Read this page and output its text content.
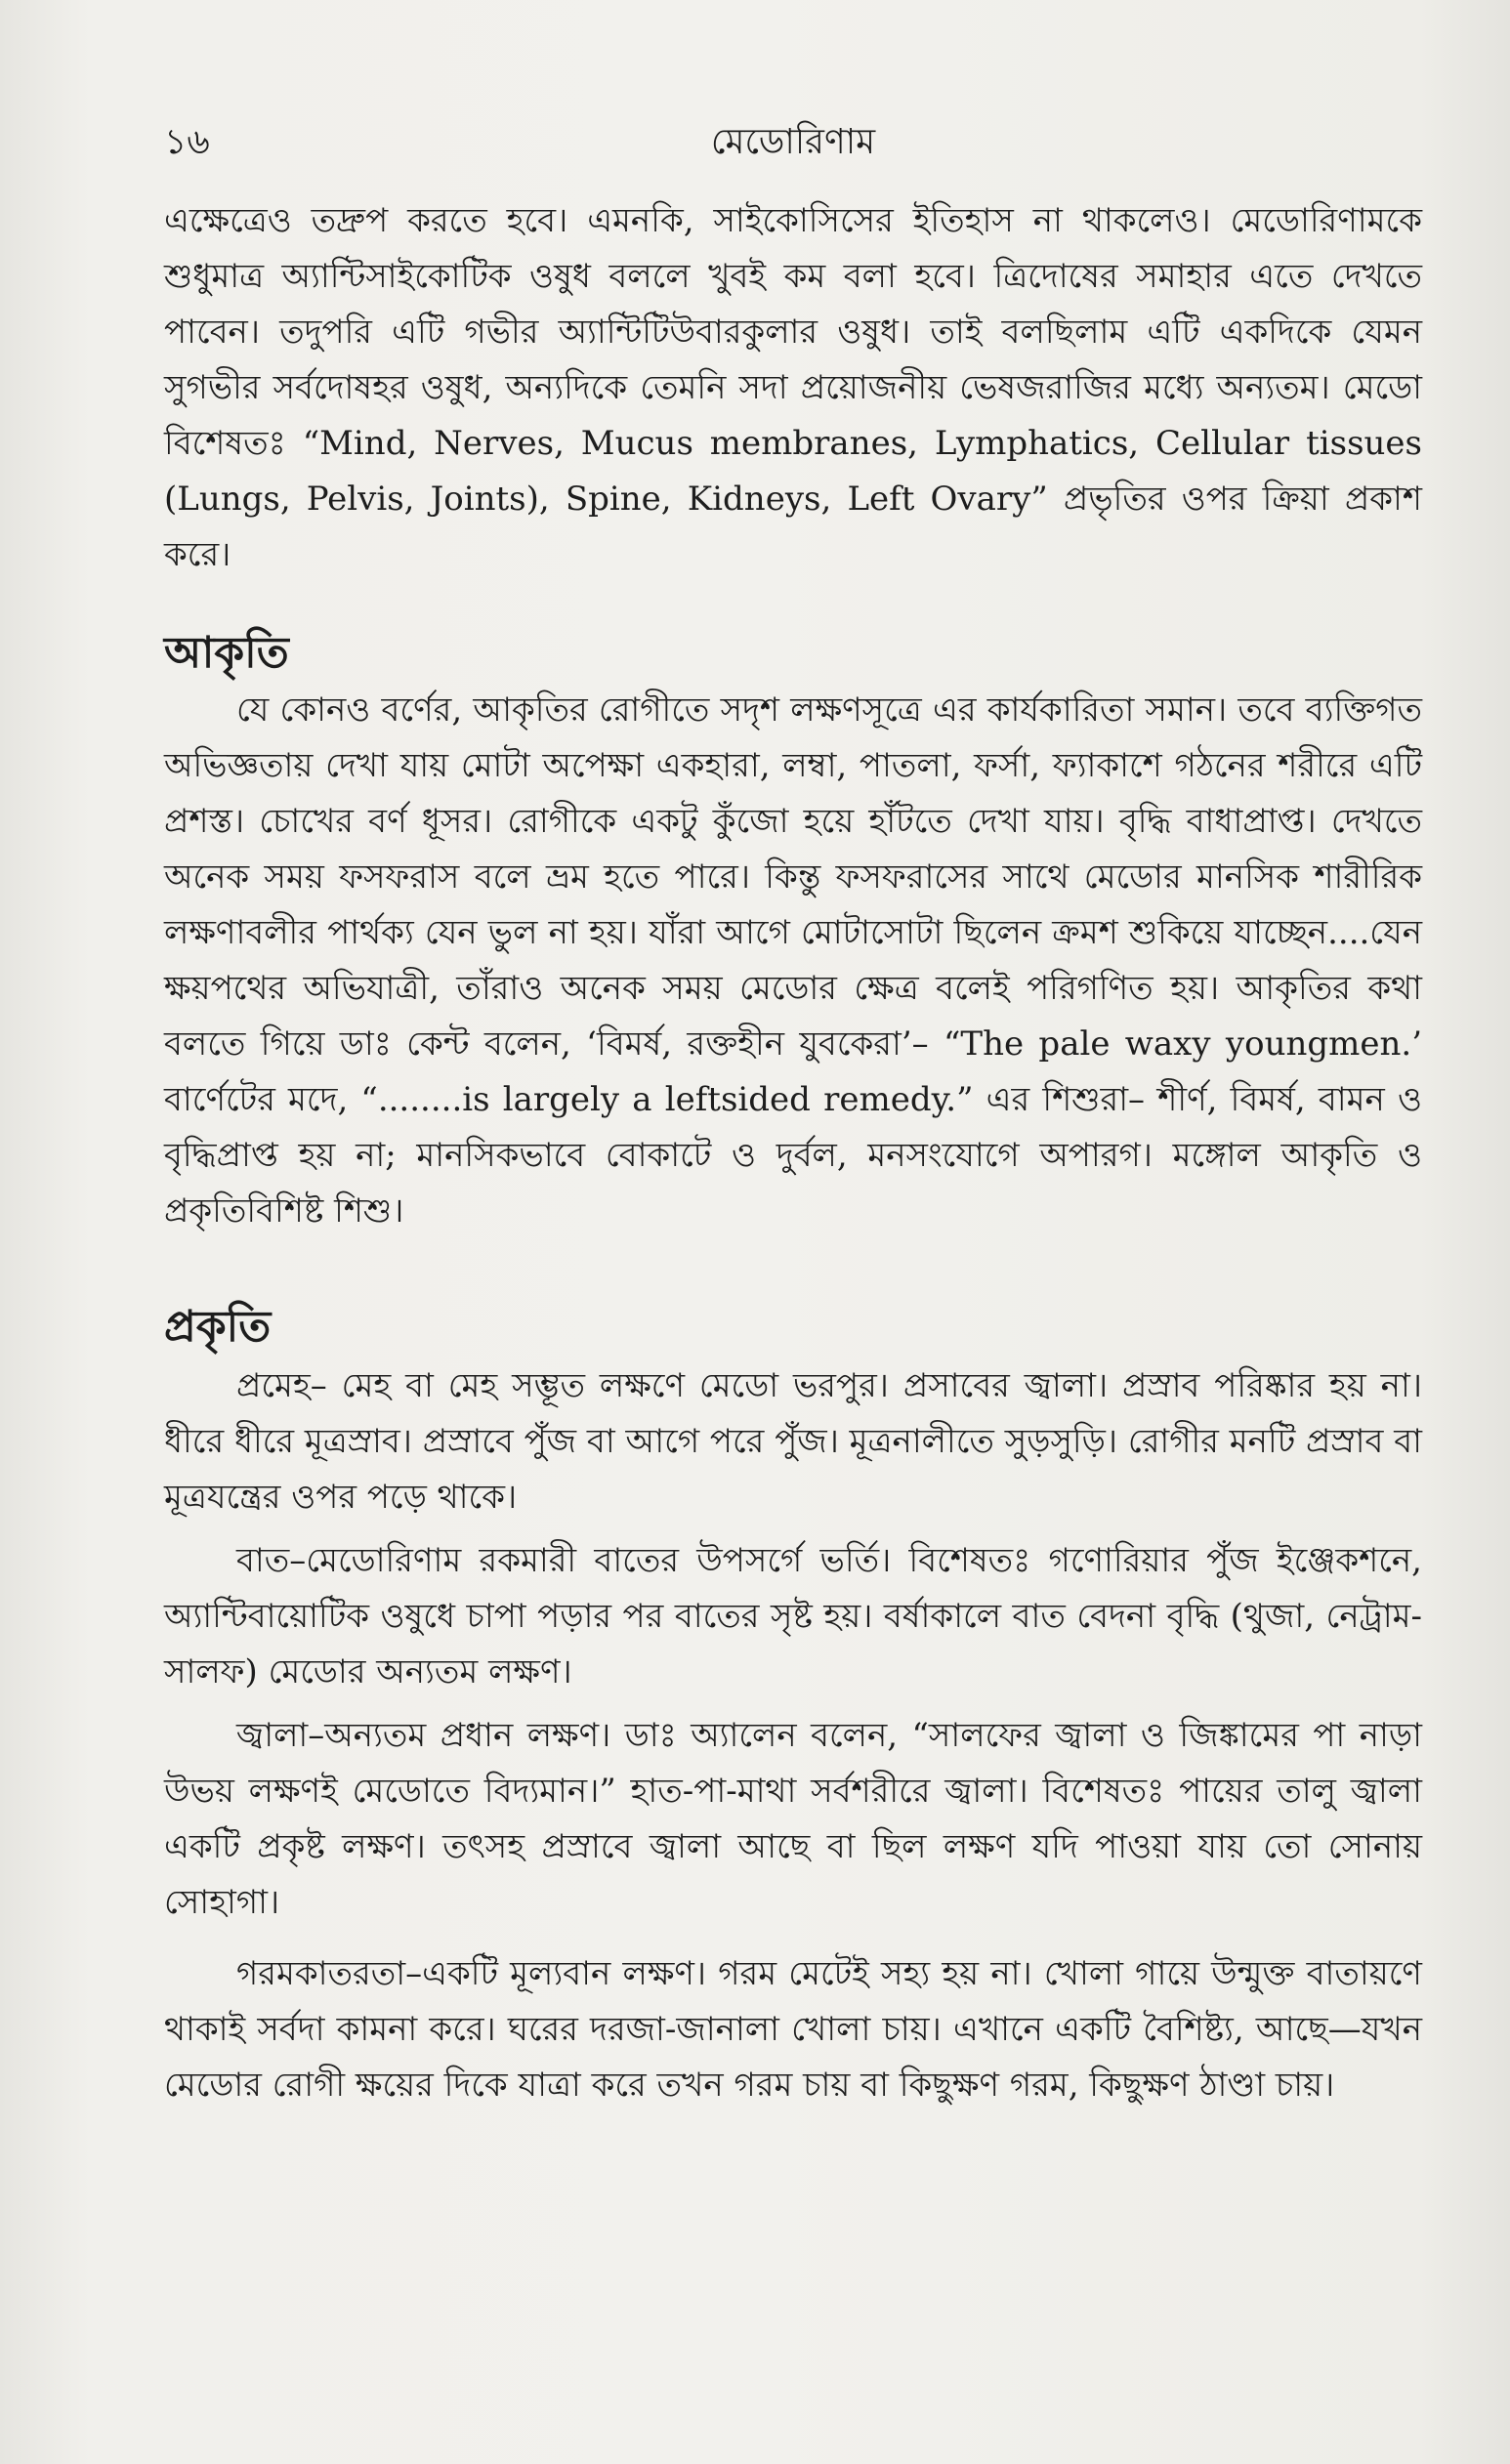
১৬	মেডোরিণাম

এক্ষেত্রেও তদ্রুপ করতে হবে। এমনকি, সাইকোসিসের ইতিহাস না থাকলেও। মেডোরিণামকে শুধুমাত্র অ্যান্টিসাইকোটিক ওষুধ বললে খুবই কম বলা হবে। ত্রিদোষের সমাহার এতে দেখতে পাবেন। তদুপরি এটি গভীর অ্যান্টিটিউবারকুলার ওষুধ। তাই বলছিলাম এটি একদিকে যেমন সুগভীর সর্বদোষহর ওষুধ, অন্যদিকে তেমনি সদা প্রয়োজনীয় ভেষজরাজির মধ্যে অন্যতম। মেডো বিশেষতঃ “Mind, Nerves, Mucus membranes, Lymphatics, Cellular tissues (Lungs, Pelvis, Joints), Spine, Kidneys, Left Ovary” প্রভৃতির ওপর ক্রিয়া প্রকাশ করে।

আকৃতি

যে কোনও বর্ণের, আকৃতির রোগীতে সদৃশ লক্ষণসূত্রে এর কার্যকারিতা সমান। তবে ব্যক্তিগত অভিজ্ঞতায় দেখা যায় মোটা অপেক্ষা একহারা, লম্বা, পাতলা, ফর্সা, ফ্যাকাশে গঠনের শরীরে এটি প্রশস্ত। চোখের বর্ণ ধূসর। রোগীকে একটু কুঁজো হয়ে হাঁটতে দেখা যায়। বৃদ্ধি বাধাপ্রাপ্ত। দেখতে অনেক সময় ফসফরাস বলে ভ্রম হতে পারে। কিন্তু ফসফরাসের সাথে মেডোর মানসিক শারীরিক লক্ষণাবলীর পার্থক্য যেন ভুল না হয়। যাঁরা আগে মোটাসোটা ছিলেন ক্রমশ শুকিয়ে যাচ্ছেন....যেন ক্ষয়পথের অভিযাত্রী, তাঁরাও অনেক সময় মেডোর ক্ষেত্র বলেই পরিগণিত হয়। আকৃতির কথা বলতে গিয়ে ডাঃ কেন্ট বলেন, ‘বিমর্ষ, রক্তহীন যুবকেরা’– “The pale waxy youngmen.’ বার্ণেটের মদে, “........is largely a leftsided remedy.” এর শিশুরা– শীর্ণ, বিমর্ষ, বামন ও বৃদ্ধিপ্রাপ্ত হয় না; মানসিকভাবে বোকাটে ও দুর্বল, মনসংযোগে অপারগ। মঙ্গোল আকৃতি ও প্রকৃতিবিশিষ্ট শিশু।

প্রকৃতি

প্রমেহ– মেহ বা মেহ সম্ভূত লক্ষণে মেডো ভরপুর। প্রসাবের জ্বালা। প্রস্রাব পরিষ্কার হয় না। ধীরে ধীরে মূত্রস্রাব। প্রস্রাবে পুঁজ বা আগে পরে পুঁজ। মূত্রনালীতে সুড়সুড়ি। রোগীর মনটি প্রস্রাব বা মূত্রযন্ত্রের ওপর পড়ে থাকে।

বাত–মেডোরিণাম রকমারী বাতের উপসর্গে ভর্তি। বিশেষতঃ গণোরিয়ার পুঁজ ইঞ্জেকশনে, অ্যান্টিবায়োটিক ওষুধে চাপা পড়ার পর বাতের সৃষ্ট হয়। বর্ষাকালে বাত বেদনা বৃদ্ধি (থুজা, নেট্রাম-সালফ) মেডোর অন্যতম লক্ষণ।

জ্বালা–অন্যতম প্রধান লক্ষণ। ডাঃ অ্যালেন বলেন, “সালফের জ্বালা ও জিঙ্কামের পা নাড়া উভয় লক্ষণই মেডোতে বিদ্যমান।” হাত-পা-মাথা সর্বশরীরে জ্বালা। বিশেষতঃ পায়ের তালু জ্বালা একটি প্রকৃষ্ট লক্ষণ। তৎসহ প্রস্রাবে জ্বালা আছে বা ছিল লক্ষণ যদি পাওয়া যায় তো সোনায় সোহাগা।

গরমকাতরতা–একটি মূল্যবান লক্ষণ। গরম মেটেই সহ্য হয় না। খোলা গায়ে উন্মুক্ত বাতায়ণে থাকাই সর্বদা কামনা করে। ঘরের দরজা-জানালা খোলা চায়। এখানে একটি বৈশিষ্ট্য, আছে—যখন মেডোর রোগী ক্ষয়ের দিকে যাত্রা করে তখন গরম চায় বা কিছুক্ষণ গরম, কিছুক্ষণ ঠাণ্ডা চায়।
